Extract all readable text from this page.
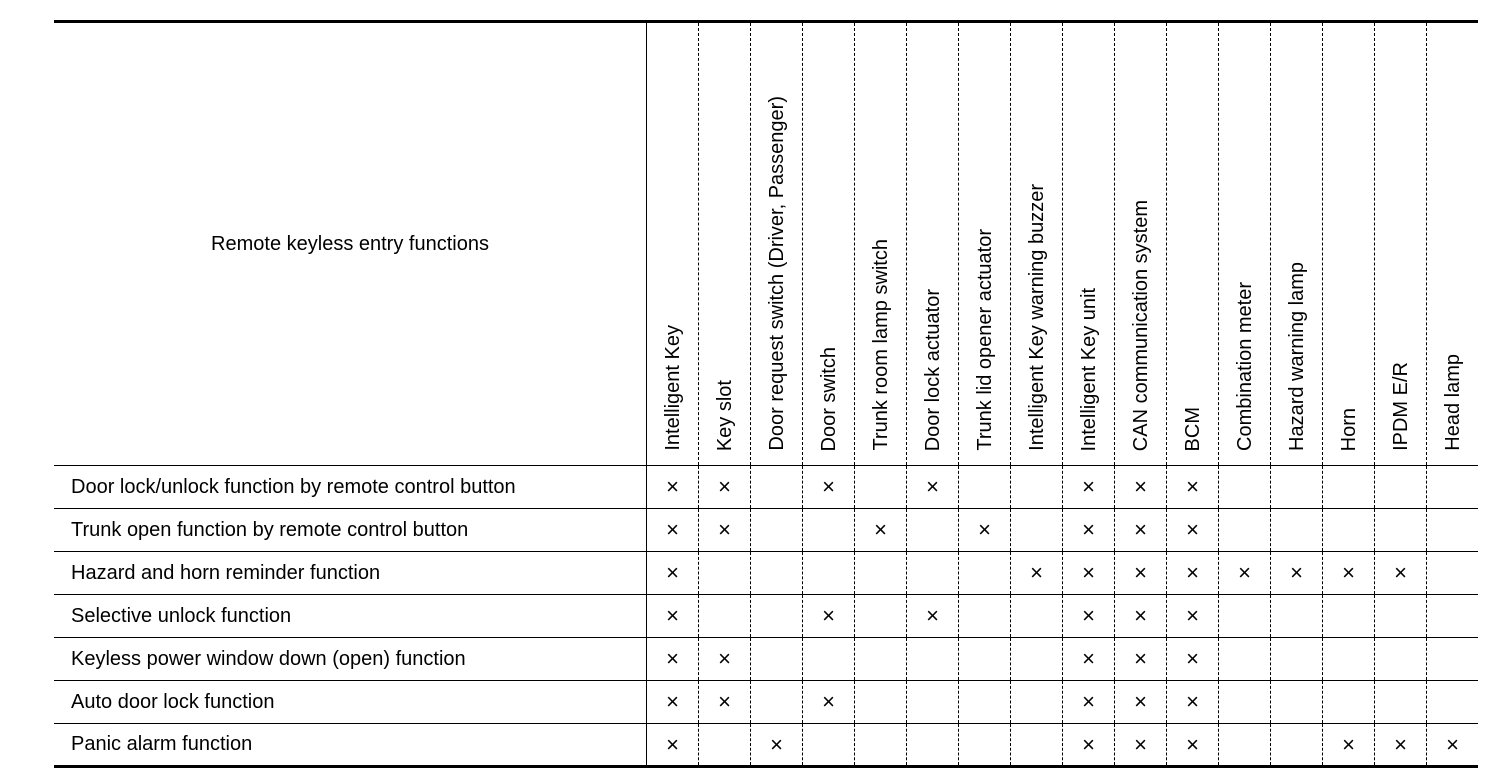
Remote keyless entry functions	Intelligent Key	Key slot	Door request switch (Driver, Passenger)	Door switch	Trunk room lamp switch	Door lock actuator	Trunk lid opener actuator	Intelligent Key warning buzzer	Intelligent Key unit	CAN communication system	BCM	Combination meter	Hazard warning lamp	Horn	IPDM E/R	Head lamp

Door lock/unlock function by remote control button	×	×		×		×			×	×	×					
Trunk open function by remote control button	×	×			×		×		×	×	×					
Hazard and horn reminder function	×							×	×	×	×	×	×	×	×	
Selective unlock function	×			×		×			×	×	×					
Keyless power window down (open) function	×	×							×	×	×					
Auto door lock function	×	×		×					×	×	×					
Panic alarm function	×		×						×	×	×			×	×	×
